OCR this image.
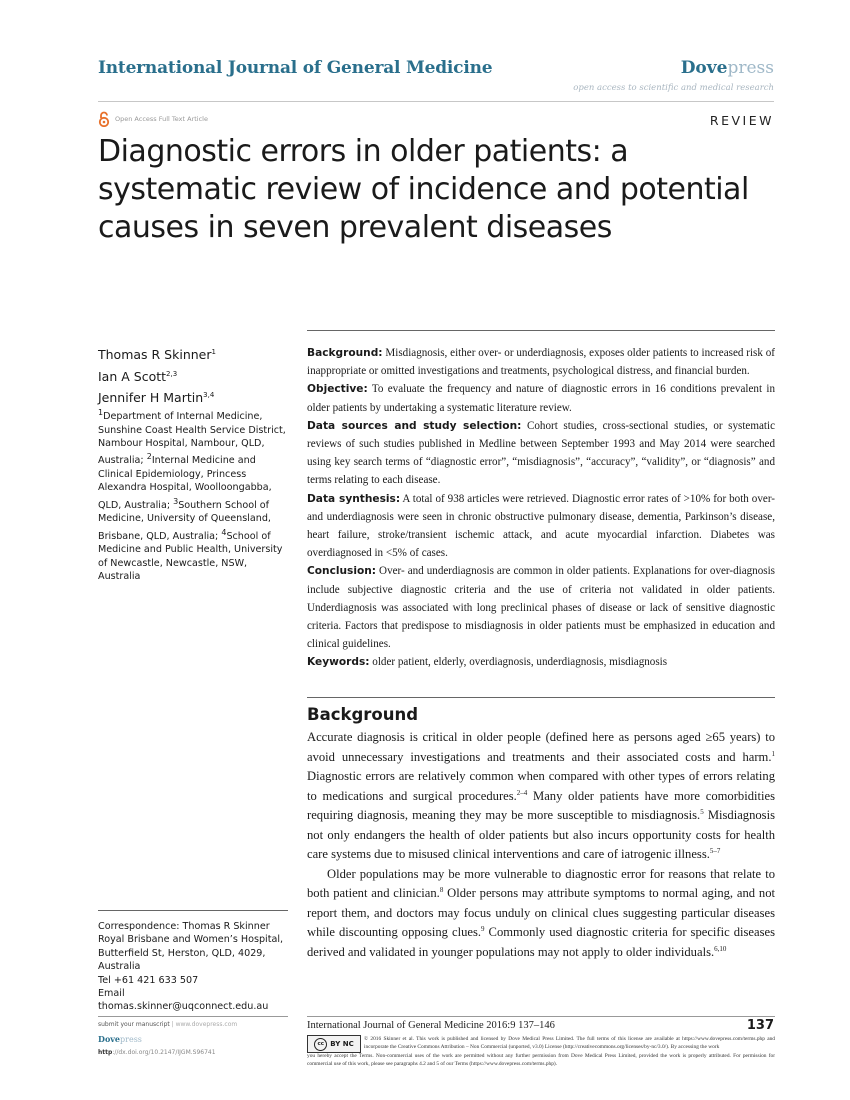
International Journal of General Medicine	Dovepress
open access to scientific and medical research
Open Access Full Text Article	REVIEW
Diagnostic errors in older patients: a systematic review of incidence and potential causes in seven prevalent diseases
Thomas R Skinner$^1$
Ian A Scott$^{2,3}$
Jennifer H Martin$^{3,4}$

$^1$Department of Internal Medicine, Sunshine Coast Health Service District, Nambour Hospital, Nambour, QLD, Australia; $^2$Internal Medicine and Clinical Epidemiology, Princess Alexandra Hospital, Woolloongabba, QLD, Australia; $^3$Southern School of Medicine, University of Queensland, Brisbane, QLD, Australia; $^4$School of Medicine and Public Health, University of Newcastle, Newcastle, NSW, Australia

Background: Misdiagnosis, either over- or underdiagnosis, exposes older patients to increased risk of inappropriate or omitted investigations and treatments, psychological distress, and financial burden.

Objective: To evaluate the frequency and nature of diagnostic errors in 16 conditions prevalent in older patients by undertaking a systematic literature review.

Data sources and study selection: Cohort studies, cross-sectional studies, or systematic reviews of such studies published in Medline between September 1993 and May 2014 were searched using key search terms of “diagnostic error”, “misdiagnosis”, “accuracy”, “validity”, or “diagnosis” and terms relating to each disease.

Data synthesis: A total of 938 articles were retrieved. Diagnostic error rates of >10% for both over- and underdiagnosis were seen in chronic obstructive pulmonary disease, dementia, Parkinson’s disease, heart failure, stroke/transient ischemic attack, and acute myocardial infarction. Diabetes was overdiagnosed in <5% of cases.

Conclusion: Over- and underdiagnosis are common in older patients. Explanations for over-diagnosis include subjective diagnostic criteria and the use of criteria not validated in older patients. Underdiagnosis was associated with long preclinical phases of disease or lack of sensitive diagnostic criteria. Factors that predispose to misdiagnosis in older patients must be emphasized in education and clinical guidelines.

Keywords: older patient, elderly, overdiagnosis, underdiagnosis, misdiagnosis

Background

Accurate diagnosis is critical in older people (defined here as persons aged ≥65 years) to avoid unnecessary investigations and treatments and their associated costs and harm.$^1$ Diagnostic errors are relatively common when compared with other types of errors relating to medications and surgical procedures.$^{2-4}$ Many older patients have more comorbidities requiring diagnosis, meaning they may be more susceptible to misdiagnosis.$^5$ Misdiagnosis not only endangers the health of older patients but also incurs opportunity costs for health care systems due to misused clinical interventions and care of iatrogenic illness.$^{5-7}$

Older populations may be more vulnerable to diagnostic error for reasons that relate to both patient and clinician.$^8$ Older persons may attribute symptoms to normal aging, and not report them, and doctors may focus unduly on clinical clues suggesting particular diseases while discounting opposing clues.$^9$ Commonly used diagnostic criteria for specific diseases derived and validated in younger populations may not apply to older individuals.$^{6,10}$

Correspondence: Thomas R Skinner
Royal Brisbane and Women’s Hospital,
Butterfield St, Herston, QLD, 4029,
Australia
Tel +61 421 633 507
Email thomas.skinner@uqconnect.edu.au
submit your manuscript | www.dovepress.com
Dovepress
http://dx.doi.org/10.2147/IJGM.S96741
International Journal of General Medicine 2016:9 137–146	137
cc BY NC
© 2016 Skinner et al. This work is published and licensed by Dove Medical Press Limited. The full terms of this license are available at https://www.dovepress.com/terms.php and incorporate the Creative Commons Attribution – Non Commercial (unported, v3.0) License (http://creativecommons.org/licenses/by-nc/3.0/). By accessing the work
you hereby accept the Terms. Non-commercial uses of the work are permitted without any further permission from Dove Medical Press Limited, provided the work is properly attributed. For permission for commercial use of this work, please see paragraphs 4.2 and 5 of our Terms (https://www.dovepress.com/terms.php).
